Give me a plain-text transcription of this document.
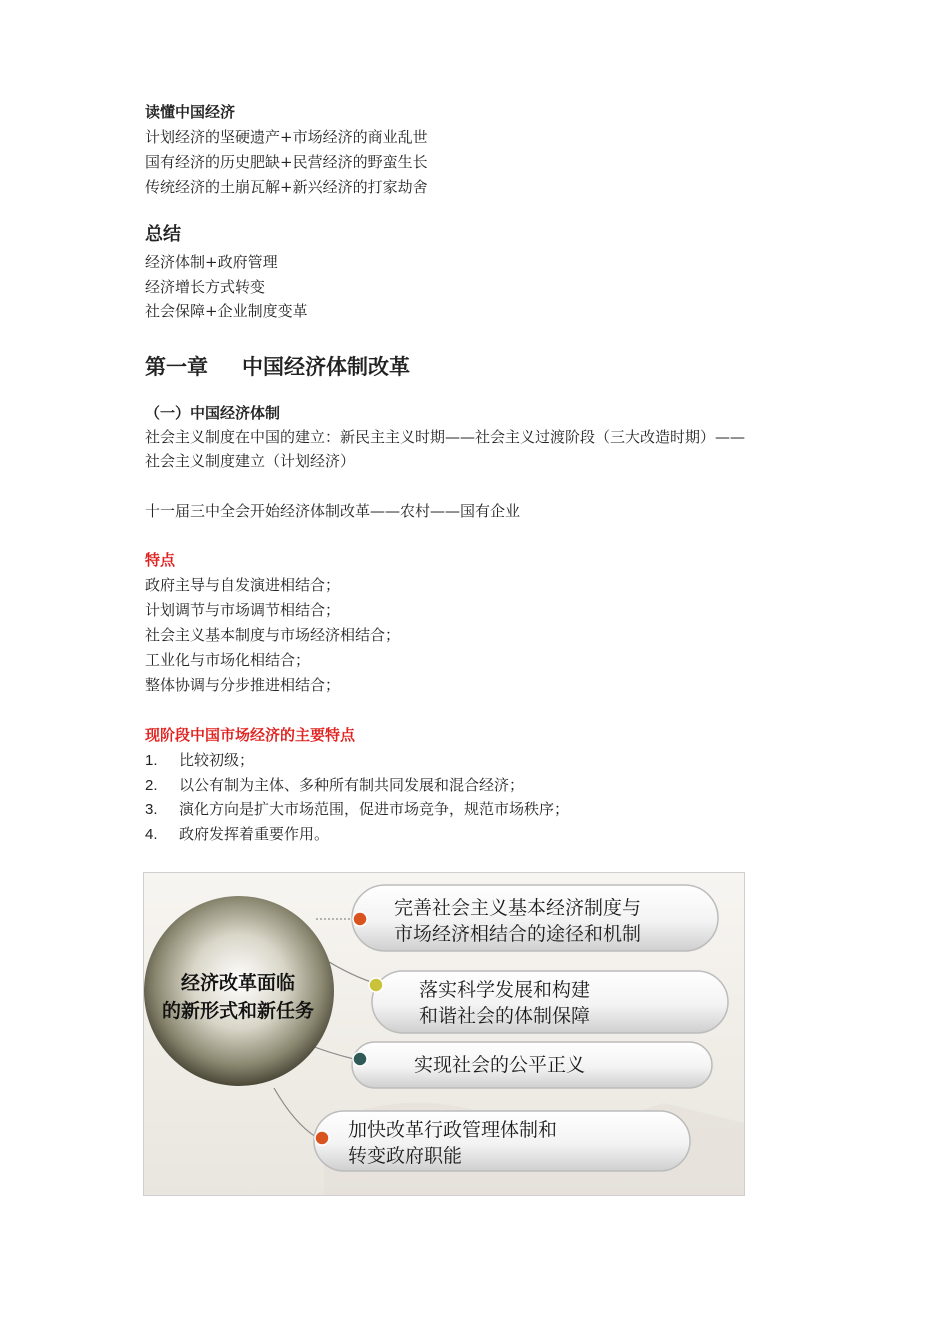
读懂中国经济
计划经济的坚硬遗产+市场经济的商业乱世
国有经济的历史肥缺+民营经济的野蛮生长
传统经济的土崩瓦解+新兴经济的打家劫舍
总结
经济体制+政府管理
经济增长方式转变
社会保障+企业制度变革
第一章 中国经济体制改革
（一）中国经济体制
社会主义制度在中国的建立：新民主主义时期——社会主义过渡阶段（三大改造时期）——
社会主义制度建立（计划经济）
十一届三中全会开始经济体制改革——农村——国有企业
特点
政府主导与自发演进相结合；
计划调节与市场调节相结合；
社会主义基本制度与市场经济相结合；
工业化与市场化相结合；
整体协调与分步推进相结合；
现阶段中国市场经济的主要特点
1. 比较初级；
2. 以公有制为主体、多种所有制共同发展和混合经济；
3. 演化方向是扩大市场范围，促进市场竞争，规范市场秩序；
4. 政府发挥着重要作用。
经济改革面临
的新形式和新任务
完善社会主义基本经济制度与
市场经济相结合的途径和机制
落实科学发展和构建
和谐社会的体制保障
实现社会的公平正义
加快改革行政管理体制和
转变政府职能
